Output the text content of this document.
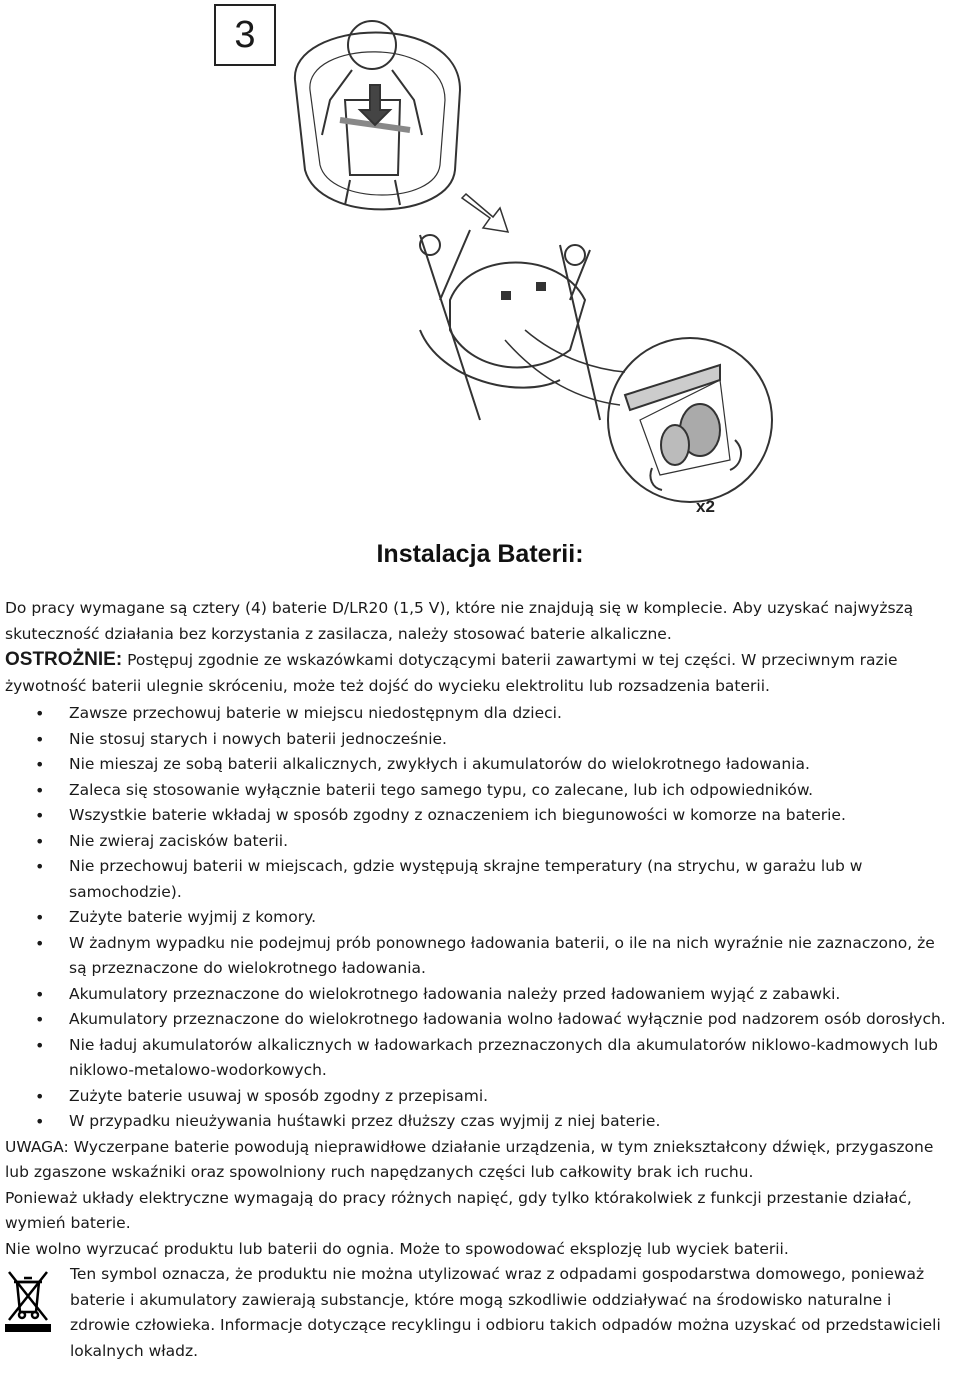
3
x2
Instalacja Baterii:

Do pracy wymagane są cztery (4) baterie D/LR20 (1,5 V), które nie znajdują się w komplecie. Aby uzyskać najwyższą skuteczność działania bez korzystania z zasilacza, należy stosować baterie alkaliczne.

OSTROŻNIE: Postępuj zgodnie ze wskazówkami dotyczącymi baterii zawartymi w tej części. W przeciwnym razie żywotność baterii ulegnie skróceniu, może też dojść do wycieku elektrolitu lub rozsadzenia baterii.

• Zawsze przechowuj baterie w miejscu niedostępnym dla dzieci.
• Nie stosuj starych i nowych baterii jednocześnie.
• Nie mieszaj ze sobą baterii alkalicznych, zwykłych i akumulatorów do wielokrotnego ładowania.
• Zaleca się stosowanie wyłącznie baterii tego samego typu, co zalecane, lub ich odpowiedników.
• Wszystkie baterie wkładaj w sposób zgodny z oznaczeniem ich biegunowości w komorze na baterie.
• Nie zwieraj zacisków baterii.
• Nie przechowuj baterii w miejscach, gdzie występują skrajne temperatury (na strychu, w garażu lub w samochodzie).
• Zużyte baterie wyjmij z komory.
• W żadnym wypadku nie podejmuj prób ponownego ładowania baterii, o ile na nich wyraźnie nie zaznaczono, że są przeznaczone do wielokrotnego ładowania.
• Akumulatory przeznaczone do wielokrotnego ładowania należy przed ładowaniem wyjąć z zabawki.
• Akumulatory przeznaczone do wielokrotnego ładowania wolno ładować wyłącznie pod nadzorem osób dorosłych.
• Nie ładuj akumulatorów alkalicznych w ładowarkach przeznaczonych dla akumulatorów niklowo-kadmowych lub niklowo-metalowo-wodorkowych.
• Zużyte baterie usuwaj w sposób zgodny z przepisami.
• W przypadku nieużywania huśtawki przez dłuższy czas wyjmij z niej baterie.

UWAGA: Wyczerpane baterie powodują nieprawidłowe działanie urządzenia, w tym zniekształcony dźwięk, przygaszone lub zgaszone wskaźniki oraz spowolniony ruch napędzanych części lub całkowity brak ich ruchu.

Ponieważ układy elektryczne wymagają do pracy różnych napięć, gdy tylko którakolwiek z funkcji przestanie działać, wymień baterie.

Nie wolno wyrzucać produktu lub baterii do ognia. Może to spowodować eksplozję lub wyciek baterii.

Ten symbol oznacza, że produktu nie można utylizować wraz z odpadami gospodarstwa domowego, ponieważ baterie i akumulatory zawierają substancje, które mogą szkodliwie oddziaływać na środowisko naturalne i zdrowie człowieka. Informacje dotyczące recyklingu i odbioru takich odpadów można uzyskać od przedstawicieli lokalnych władz.
